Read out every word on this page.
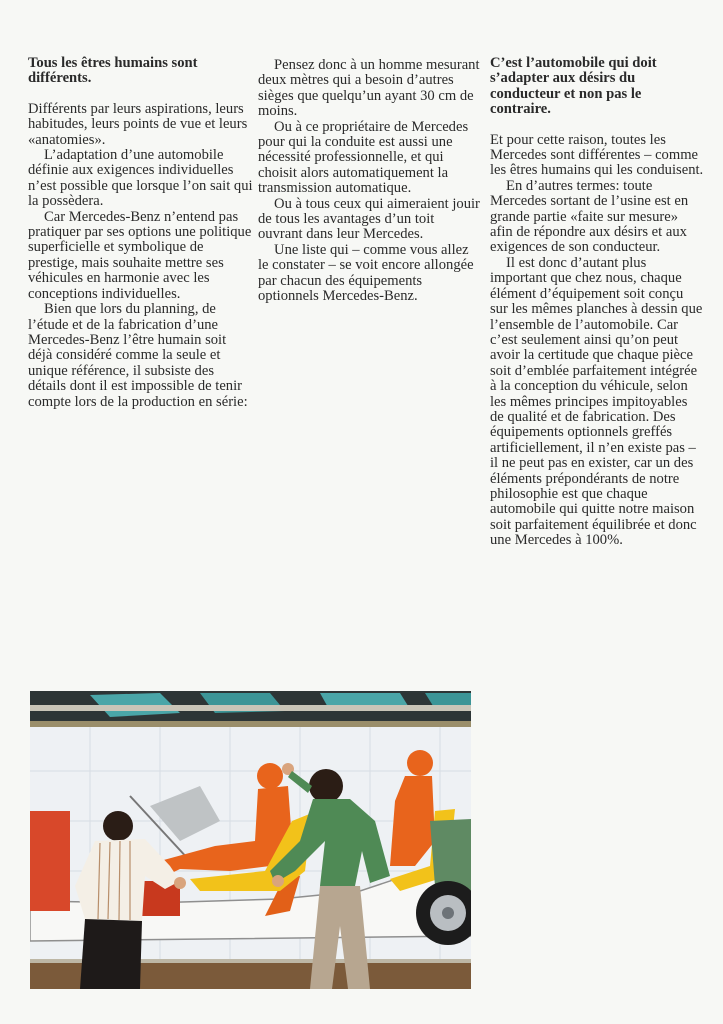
Tous les êtres humains sont différents.

Différents par leurs aspirations, leurs habitudes, leurs points de vue et leurs «anatomies».

L’adaptation d’une automobile définie aux exigences individuelles n’est possible que lorsque l’on sait qui la possèdera.

Car Mercedes-Benz n’entend pas pratiquer par ses options une politique superficielle et symbolique de prestige, mais souhaite mettre ses véhicules en harmonie avec les conceptions individuelles.

Bien que lors du planning, de l’étude et de la fabrication d’une Mercedes-Benz l’être humain soit déjà considéré comme la seule et unique référence, il subsiste des détails dont il est impossible de tenir compte lors de la production en série:

Pensez donc à un homme mesurant deux mètres qui a besoin d’autres sièges que quelqu’un ayant 30 cm de moins.

Ou à ce propriétaire de Mercedes pour qui la conduite est aussi une nécessité professionnelle, et qui choisit alors automatiquement la transmission automatique.

Ou à tous ceux qui aimeraient jouir de tous les avantages d’un toit ouvrant dans leur Mercedes.

Une liste qui – comme vous allez le constater – se voit encore allongée par chacun des équipements optionnels Mercedes-Benz.

C’est l’automobile qui doit s’adapter aux désirs du conducteur et non pas le contraire.

Et pour cette raison, toutes les Mercedes sont différentes – comme les êtres humains qui les conduisent.

En d’autres termes: toute Mercedes sortant de l’usine est en grande partie «faite sur mesure» afin de répondre aux désirs et aux exigences de son conducteur.

Il est donc d’autant plus important que chez nous, chaque élément d’équipement soit conçu sur les mêmes planches à dessin que l’ensemble de l’automobile. Car c’est seulement ainsi qu’on peut avoir la certitude que chaque pièce soit d’emblée parfaitement intégrée à la conception du véhicule, selon les mêmes principes impitoyables de qualité et de fabrication. Des équipements optionnels greffés artificiellement, il n’en existe pas – il ne peut pas en exister, car un des éléments prépondérants de notre philosophie est que chaque automobile qui quitte notre maison soit parfaitement équilibrée et donc une Mercedes à 100%.
